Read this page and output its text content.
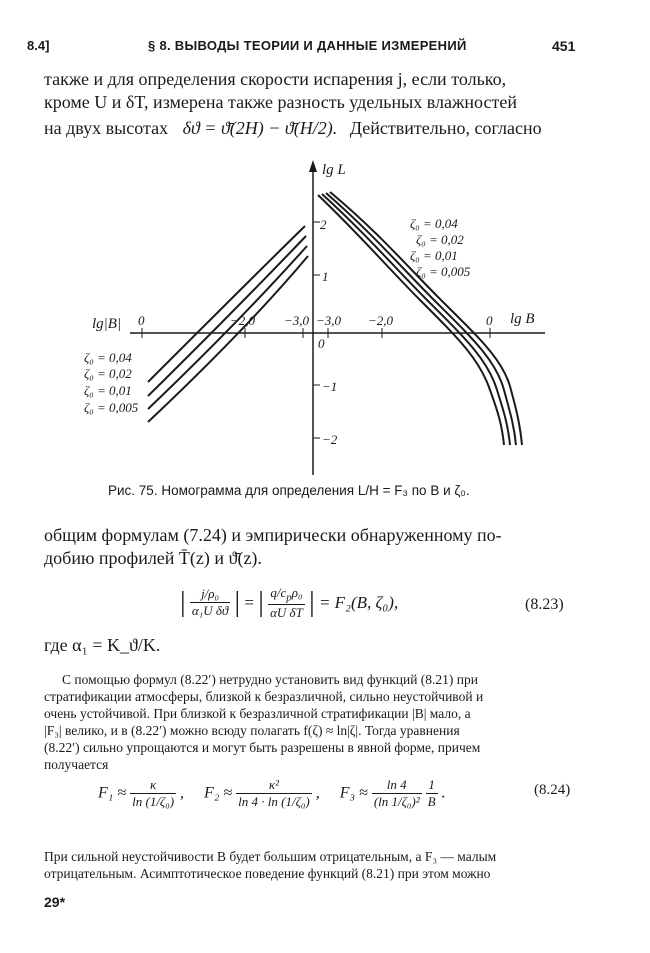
8.4]	§ 8. ВЫВОДЫ ТЕОРИИ И ДАННЫЕ ИЗМЕРЕНИЙ	451
также и для определения скорости испарения j, если только,
кроме U и δT, измерена также разность удельных влажностей
на двух высотах δϑ = ϑ̄(2H) − ϑ̄(H/2). Действительно, согласно
lg L
lg B
lg|B| 0	−2,0 −3,0 −3,0 −2,0	0
2
1
0
−1
−2
ζ₀ = 0,04
ζ₀ = 0,02
ζ₀ = 0,01
ζ₀ = 0,005
ζ₀ = 0,04
ζ₀ = 0,02
ζ₀ = 0,01
ζ₀ = 0,005
Рис. 75. Номограмма для определения L/H = F₃ по B и ζ₀.
общим формулам (7.24) и эмпирически обнаруженному по-
добию профилей T̄(z) и ϑ̄(z).
| $\frac{\text{j/ρ₀}}{\text{α₁U δϑ}}$ | = | $\frac{q/c_p\rho_0}{\text{αU δT}}$ | = F₂(B, ζ₀),	(8.23)
где α₁ = K_ϑ/K.
С помощью формул (8.22′) нетрудно установить вид функций (8.21) при
стратификации атмосферы, близкой к безразличной, сильно неустойчивой и
очень устойчивой. При близкой к безразличной стратификации |B| мало, а
|F₃| велико, и в (8.22′) можно всюду полагать f(ζ) ≈ ln|ζ|. Тогда уравнения
(8.22′) сильно упрощаются и могут быть разрешены в явной форме, причем
получается
$F_1 \approx \frac{\kappa}{\text{ln (1/ζ₀)}}$ ,     $F_2 \approx \frac{\text{κ²}}{\text{ln 4 · ln (1/ζ₀)}}$ ,     $F_3 \approx \frac{\ln 4}{\text{(ln 1/ζ₀)²}}$
$\frac{1}{B}$ .	(8.24)
При сильной неустойчивости B будет большим отрицательным, а F₃ — малым
отрицательным. Асимптотическое поведение функций (8.21) при этом можно
29*
